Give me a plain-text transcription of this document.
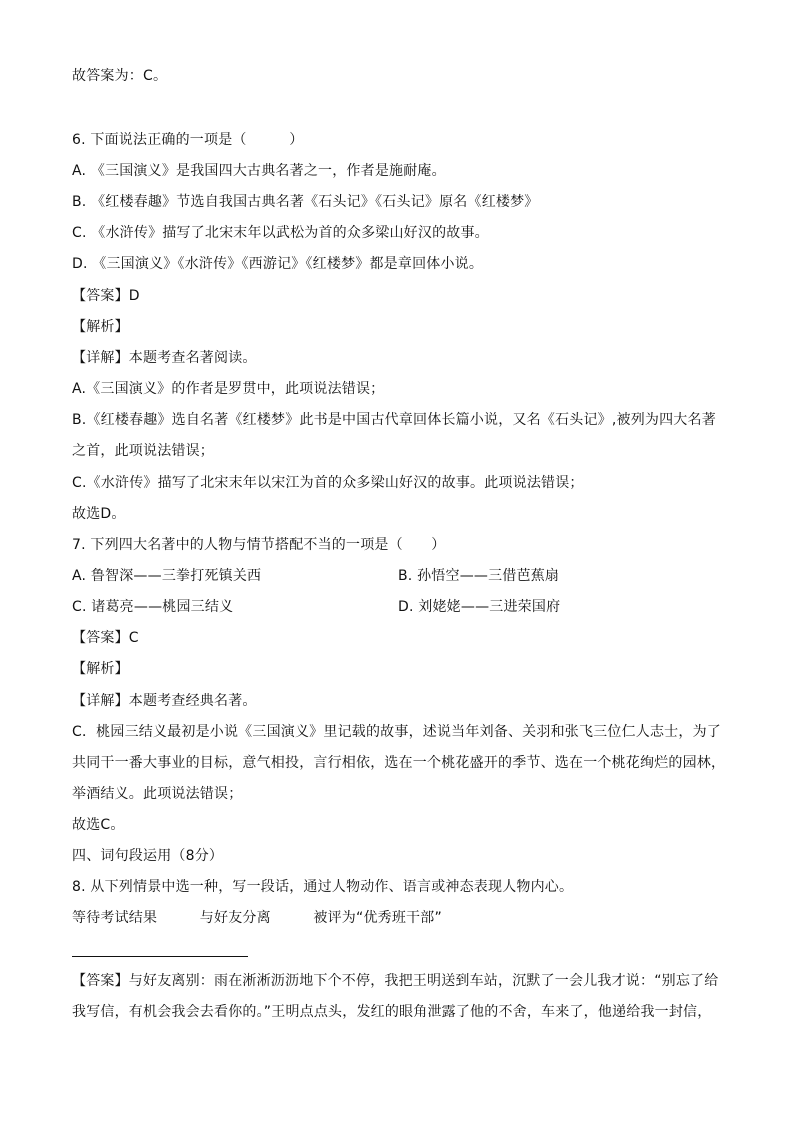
故答案为：C。
6. 下面说法正确的一项是（　　　）
A. 《三国演义》是我国四大古典名著之一，作者是施耐庵。
B. 《红楼春趣》节选自我国古典名著《石头记》《石头记》原名《红楼梦》
C. 《水浒传》描写了北宋末年以武松为首的众多梁山好汉的故事。
D. 《三国演义》《水浒传》《西游记》《红楼梦》都是章回体小说。
【答案】D
【解析】
【详解】本题考查名著阅读。
A.《三国演义》的作者是罗贯中，此项说法错误；
B.《红楼春趣》选自名著《红楼梦》此书是中国古代章回体长篇小说，又名《石头记》,被列为四大名著
之首，此项说法错误；
C.《水浒传》描写了北宋末年以宋江为首的众多梁山好汉的故事。此项说法错误；
故选D。
7. 下列四大名著中的人物与情节搭配不当的一项是（　　）
A. 鲁智深——三拳打死镇关西	B. 孙悟空——三借芭蕉扇
C. 诸葛亮——桃园三结义	D. 刘姥姥——三进荣国府
【答案】C
【解析】
【详解】本题考查经典名著。
C．桃园三结义最初是小说《三国演义》里记载的故事，述说当年刘备、关羽和张飞三位仁人志士，为了
共同干一番大事业的目标，意气相投，言行相依，选在一个桃花盛开的季节、选在一个桃花绚烂的园林，
举酒结义。此项说法错误；
故选C。
四、词句段运用（8分）
8. 从下列情景中选一种，写一段话，通过人物动作、语言或神态表现人物内心。
等待考试结果　　　与好友分离　　　被评为“优秀班干部”
【答案】与好友离别：雨在淅淅沥沥地下个不停，我把王明送到车站，沉默了一会儿我才说：“别忘了给
我写信，有机会我会去看你的。”王明点点头，发红的眼角泄露了他的不舍，车来了，他递给我一封信，
